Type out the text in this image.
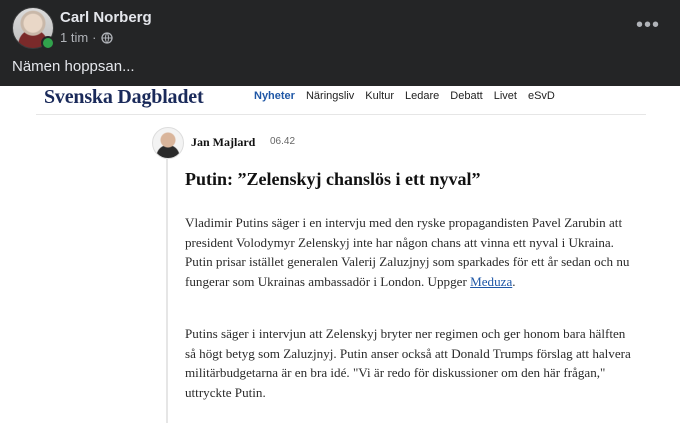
Carl Norberg
1 tim ·
•••
Nämen hoppsan...
Svenska Dagbladet	Nyheter Näringsliv Kultur Ledare Debatt Livet eSvD
Jan Majlard 06.42
Putin: ”Zelenskyj chanslös i ett nyval”

Vladimir Putins säger i en intervju med den ryske propagandisten Pavel Zarubin att president Volodymyr Zelenskyj inte har någon chans att vinna ett nyval i Ukraina. Putin prisar istället generalen Valerij Zaluzjnyj som sparkades för ett år sedan och nu fungerar som Ukrainas ambassadör i London. Uppger Meduza.

Putins säger i intervjun att Zelenskyj bryter ner regimen och ger honom bara hälften så högt betyg som Zaluzjnyj. Putin anser också att Donald Trumps förslag att halvera militärbudgetarna är en bra idé. "Vi är redo för diskussioner om den här frågan," uttryckte Putin.
